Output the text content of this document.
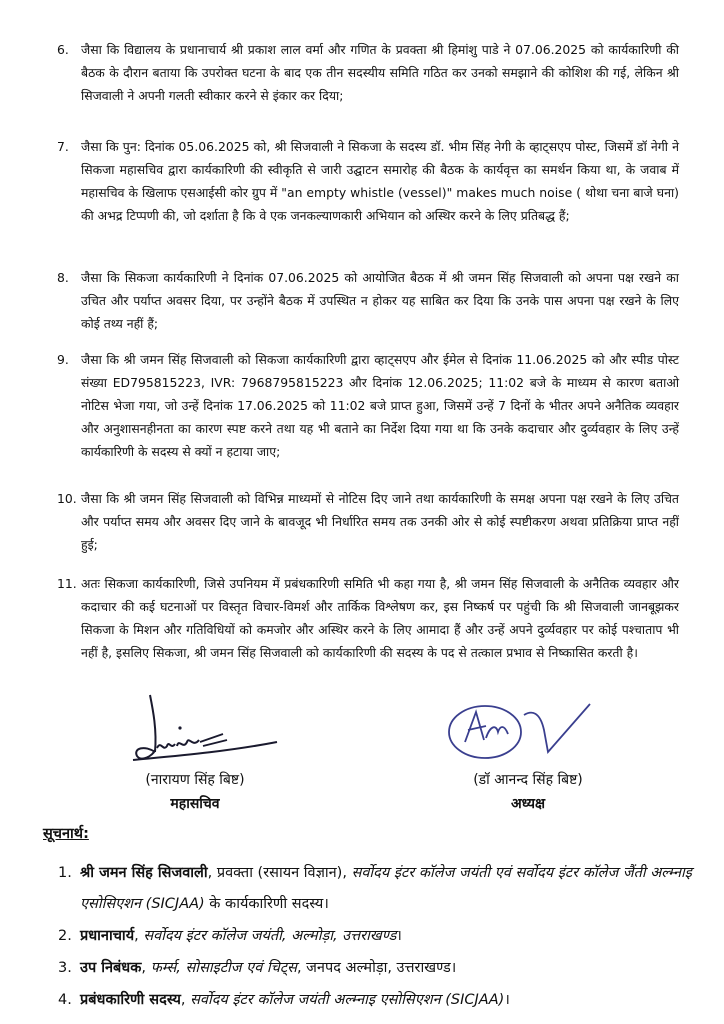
6. जैसा कि विद्यालय के प्रधानाचार्य श्री प्रकाश लाल वर्मा और गणित के प्रवक्ता श्री हिमांशु पाडे ने 07.06.2025 को कार्यकारिणी की बैठक के दौरान बताया कि उपरोक्त घटना के बाद एक तीन सदस्यीय समिति गठित कर उनको समझाने की कोशिश की गई, लेकिन श्री सिजवाली ने अपनी गलती स्वीकार करने से इंकार कर दिया;
7. जैसा कि पुन: दिनांक 05.06.2025 को, श्री सिजवाली ने सिकजा के सदस्य डॉ. भीम सिंह नेगी के व्हाट्सएप पोस्ट, जिसमें डॉ नेगी ने सिकजा महासचिव द्वारा कार्यकारिणी की स्वीकृति से जारी उद्घाटन समारोह की बैठक के कार्यवृत्त का समर्थन किया था, के जवाब में महासचिव के खिलाफ एसआईसी कोर ग्रुप में "an empty whistle (vessel)" makes much noise ( थोथा चना बाजे घना) की अभद्र टिप्पणी की, जो दर्शाता है कि वे एक जनकल्याणकारी अभियान को अस्थिर करने के लिए प्रतिबद्ध हैं;
8. जैसा कि सिकजा कार्यकारिणी ने दिनांक 07.06.2025 को आयोजित बैठक में श्री जमन सिंह सिजवाली को अपना पक्ष रखने का उचित और पर्याप्त अवसर दिया, पर उन्होंने बैठक में उपस्थित न होकर यह साबित कर दिया कि उनके पास अपना पक्ष रखने के लिए कोई तथ्य नहीं हैं;
9. जैसा कि श्री जमन सिंह सिजवाली को सिकजा कार्यकारिणी द्वारा व्हाट्सएप और ईमेल से दिनांक 11.06.2025 को और स्पीड पोस्ट संख्या ED795815223, IVR: 7968795815223 और दिनांक 12.06.2025; 11:02 बजे के माध्यम से कारण बताओ नोटिस भेजा गया, जो उन्हें दिनांक 17.06.2025 को 11:02 बजे प्राप्त हुआ, जिसमें उन्हें 7 दिनों के भीतर अपने अनैतिक व्यवहार और अनुशासनहीनता का कारण स्पष्ट करने तथा यह भी बताने का निर्देश दिया गया था कि उनके कदाचार और दुर्व्यवहार के लिए उन्हें कार्यकारिणी के सदस्य से क्यों न हटाया जाए;
10. जैसा कि श्री जमन सिंह सिजवाली को विभिन्न माध्यमों से नोटिस दिए जाने तथा कार्यकारिणी के समक्ष अपना पक्ष रखने के लिए उचित और पर्याप्त समय और अवसर दिए जाने के बावजूद भी निर्धारित समय तक उनकी ओर से कोई स्पष्टीकरण अथवा प्रतिक्रिया प्राप्त नहीं हुई;
11. अतः सिकजा कार्यकारिणी, जिसे उपनियम में प्रबंधकारिणी समिति भी कहा गया है, श्री जमन सिंह सिजवाली के अनैतिक व्यवहार और कदाचार की कई घटनाओं पर विस्तृत विचार-विमर्श और तार्किक विश्लेषण कर, इस निष्कर्ष पर पहुंची कि श्री सिजवाली जानबूझकर सिकजा के मिशन और गतिविधियों को कमजोर और अस्थिर करने के लिए आमादा हैं और उन्हें अपने दुर्व्यवहार पर कोई पश्चाताप भी नहीं है, इसलिए सिकजा, श्री जमन सिंह सिजवाली को कार्यकारिणी की सदस्य के पद से तत्काल प्रभाव से निष्कासित करती है।
(नारायण सिंह बिष्ट)
महासचिव
(डॉ आनन्द सिंह बिष्ट)
अध्यक्ष
सूचनार्थ:
1. श्री जमन सिंह सिजवाली, प्रवक्ता (रसायन विज्ञान), सर्वोदय इंटर कॉलेज जयंती एवं सर्वोदय इंटर कॉलेज जैंती अल्म्नाइ एसोसिएशन (SICJAA) के कार्यकारिणी सदस्य।
2. प्रधानाचार्य, सर्वोदय इंटर कॉलेज जयंती, अल्मोड़ा, उत्तराखण्ड।
3. उप निबंधक, फर्म्स, सोसाइटीज एवं चिट्स, जनपद अल्मोड़ा, उत्तराखण्ड।
4. प्रबंधकारिणी सदस्य, सर्वोदय इंटर कॉलेज जयंती अल्म्नाइ एसोसिएशन (SICJAA)।
